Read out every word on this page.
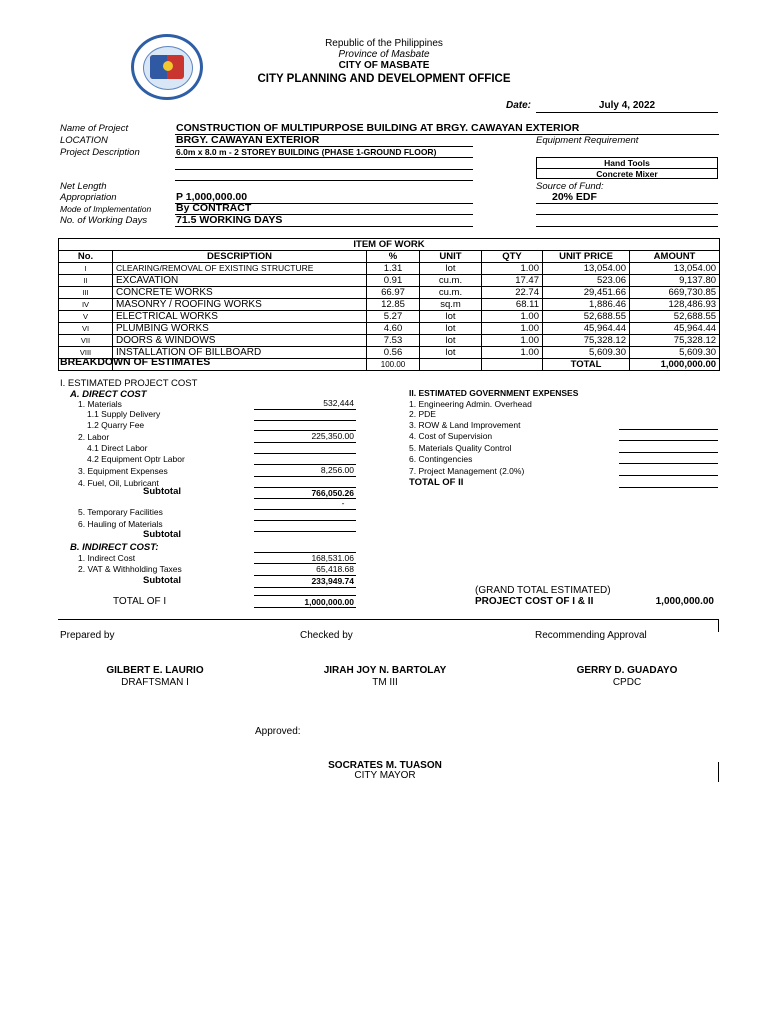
Republic of the Philippines
Province of Masbate
CITY OF MASBATE
CITY PLANNING AND DEVELOPMENT OFFICE
Date:	July 4, 2022
Name of Project	CONSTRUCTION OF MULTIPURPOSE BUILDING AT BRGY. CAWAYAN EXTERIOR
LOCATION	BRGY. CAWAYAN EXTERIOR	Equipment Requirement
Project Description	6.0m x 8.0 m - 2 STOREY BUILDING (PHASE 1-GROUND FLOOR)
Hand Tools
Concrete Mixer
Net Length	Source of Fund:
Appropriation	P 1,000,000.00	20% EDF
Mode of Implementation By CONTRACT
No. of Working Days	71.5 WORKING DAYS
ITEM OF WORK						
No.	DESCRIPTION	%	UNIT	QTY	UNIT PRICE	AMOUNT
I	CLEARING/REMOVAL OF EXISTING STRUCTURE	1.31	lot	1.00	13,054.00	13,054.00
II	EXCAVATION	0.91	cu.m.	17.47	523.06	9,137.80
III	CONCRETE WORKS	66.97	cu.m.	22.74	29,451.66	669,730.85
IV	MASONRY / ROOFING WORKS	12.85	sq.m	68.11	1,886.46	128,486.93
V	ELECTRICAL WORKS	5.27	lot	1.00	52,688.55	52,688.55
VI	PLUMBING WORKS	4.60	lot	1.00	45,964.44	45,964.44
VII	DOORS & WINDOWS	7.53	lot	1.00	75,328.12	75,328.12
VIII	INSTALLATION OF BILLBOARD	0.56	lot	1.00	5,609.30	5,609.30
		100.00			TOTAL	1,000,000.00
BREAKDOWN OF ESTIMATES
I. ESTIMATED PROJECT COST
A. DIRECT COST
1. Materials	532,444
1.1 Supply Delivery
1.2 Quarry Fee
2. Labor	225,350.00
4.1 Direct Labor
4.2 Equipment Optr Labor
3. Equipment Expenses	8,256.00
4. Fuel, Oil, Lubricant
Subtotal	766,050.26
-
5. Temporary Facilities
6. Hauling of Materials
Subtotal
B. INDIRECT COST:
1. Indirect Cost	168,531.06
2. VAT & Withholding Taxes	65,418.68
Subtotal	233,949.74
TOTAL OF I	1,000,000.00
II. ESTIMATED GOVERNMENT EXPENSES
1. Engineering Admin. Overhead
2. PDE
3. ROW & Land Improvement
4. Cost of Supervision
5. Materials Quality Control
6. Contingencies
7. Project Management (2.0%)
TOTAL OF II
(GRAND TOTAL ESTIMATED)
PROJECT COST OF I & II	1,000,000.00
Prepared by	Checked by	Recommending Approval
GILBERT E. LAURIO
DRAFTSMAN I
JIRAH JOY N. BARTOLAY
TM III
GERRY D. GUADAYO
CPDC
Approved:
SOCRATES M. TUASON
CITY MAYOR
